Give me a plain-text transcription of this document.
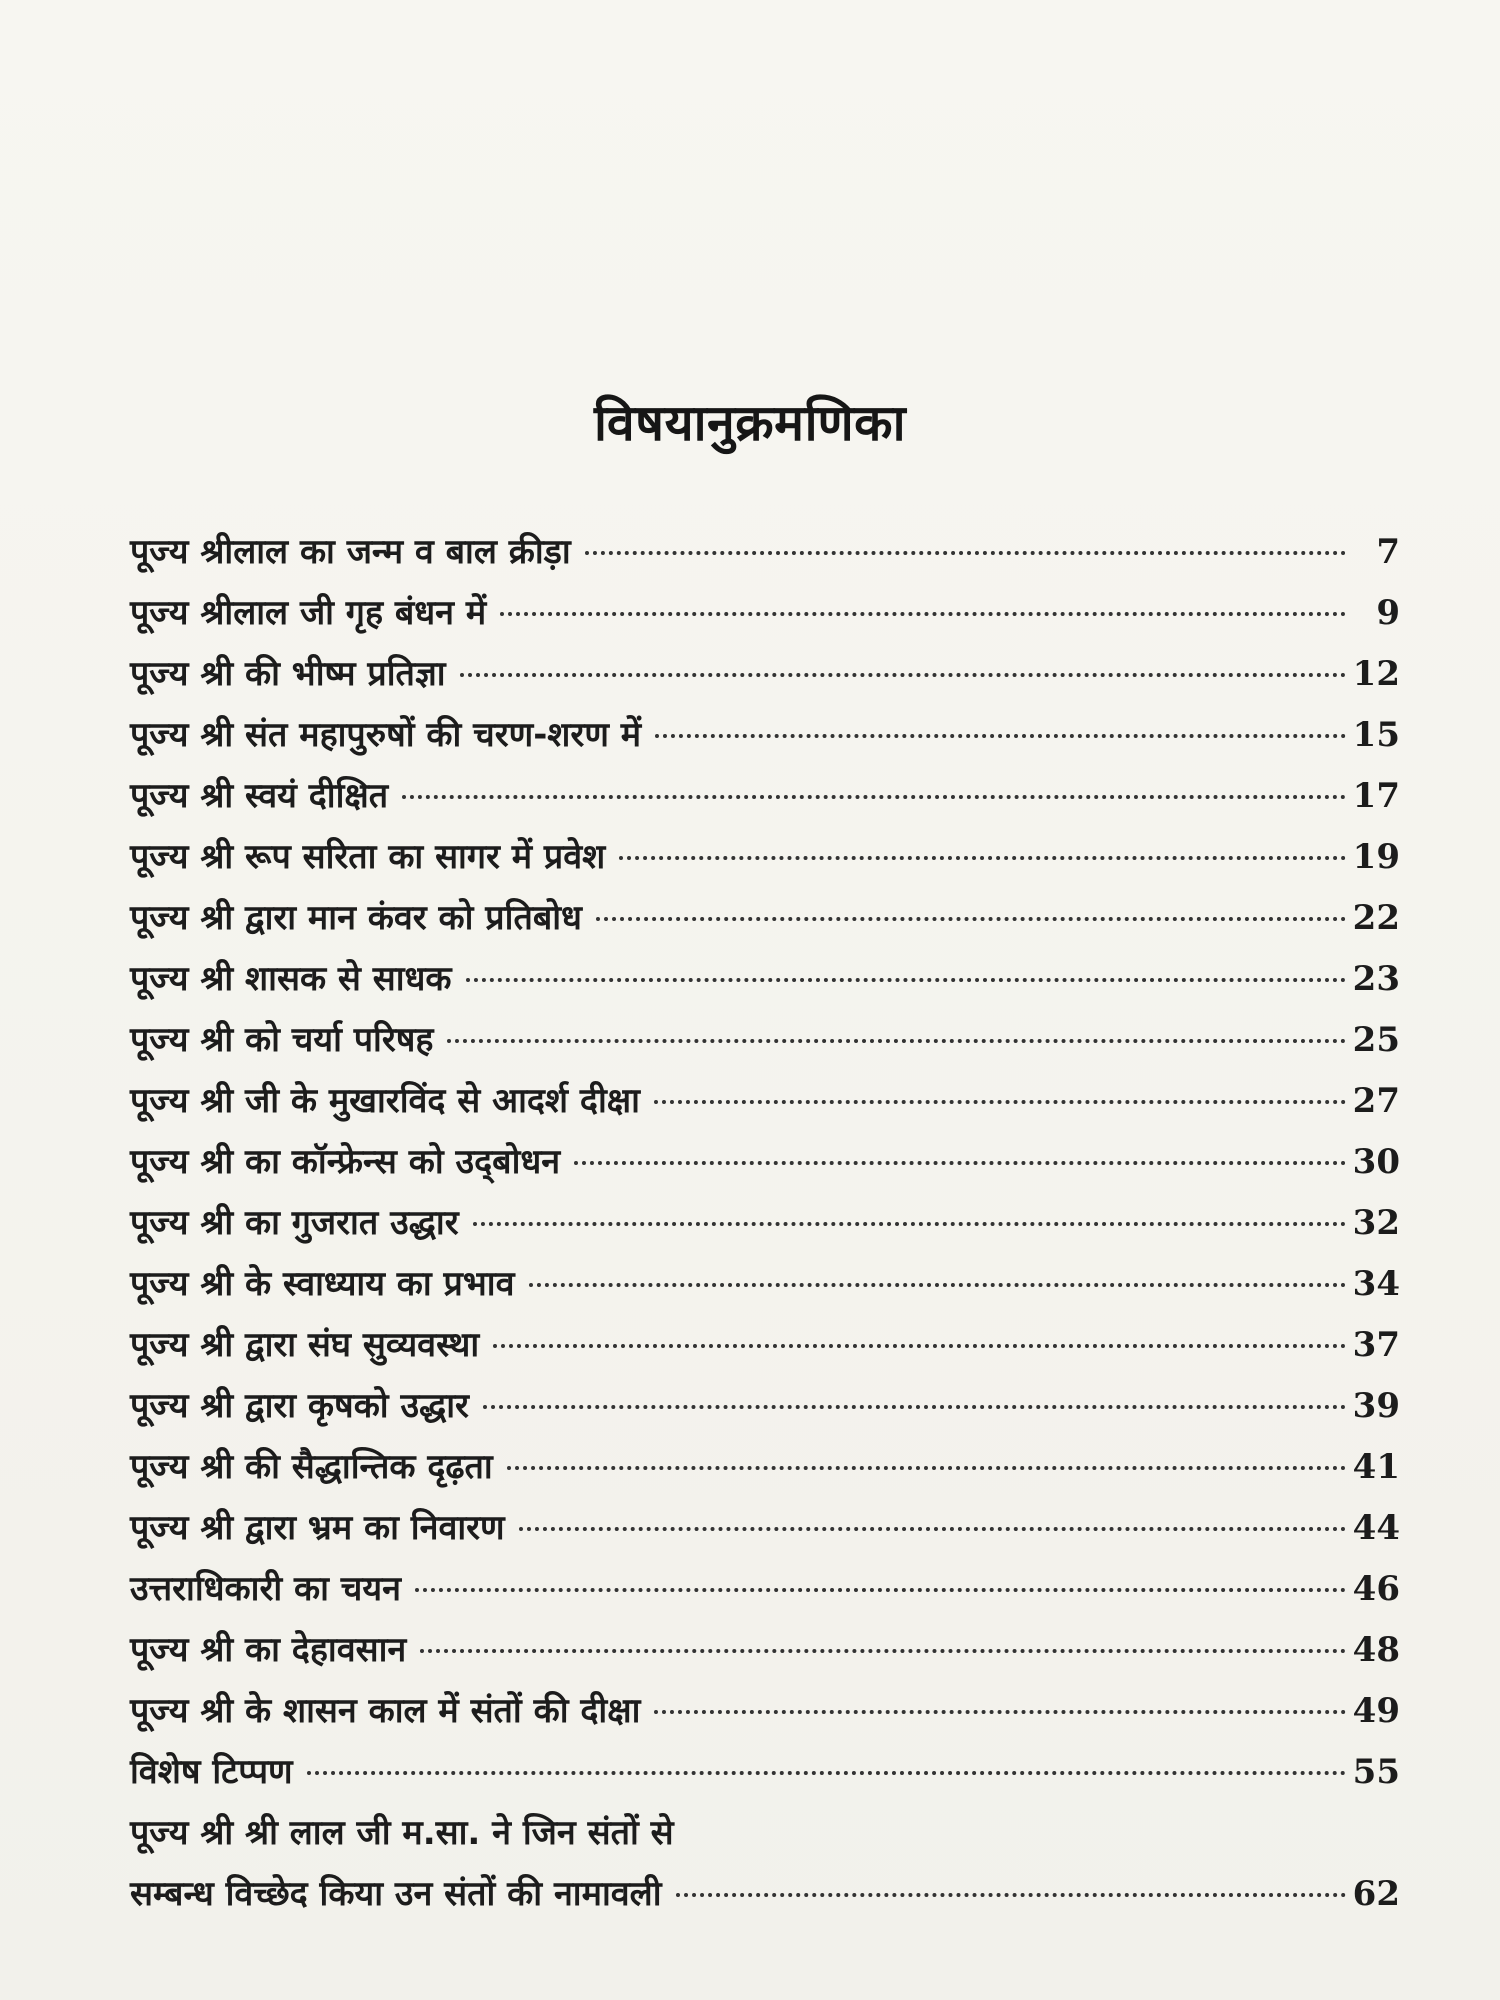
विषयानुक्रमणिका
पूज्य श्रीलाल का जन्म व बाल क्रीड़ा	7
पूज्य श्रीलाल जी गृह बंधन में	9
पूज्य श्री की भीष्म प्रतिज्ञा	12
पूज्य श्री संत महापुरुषों की चरण-शरण में	15
पूज्य श्री स्वयं दीक्षित	17
पूज्य श्री रूप सरिता का सागर में प्रवेश	19
पूज्य श्री द्वारा मान कंवर को प्रतिबोध	22
पूज्य श्री शासक से साधक	23
पूज्य श्री को चर्या परिषह	25
पूज्य श्री जी के मुखारविंद से आदर्श दीक्षा	27
पूज्य श्री का कॉन्फ्रेन्स को उद्‌बोधन	30
पूज्य श्री का गुजरात उद्धार	32
पूज्य श्री के स्वाध्याय का प्रभाव	34
पूज्य श्री द्वारा संघ सुव्यवस्था	37
पूज्य श्री द्वारा कृषको उद्धार	39
पूज्य श्री की सैद्धान्तिक दृढ़ता	41
पूज्य श्री द्वारा भ्रम का निवारण	44
उत्तराधिकारी का चयन	46
पूज्य श्री का देहावसान	48
पूज्य श्री के शासन काल में संतों की दीक्षा	49
विशेष टिप्पण	55
पूज्य श्री श्री लाल जी म.सा. ने जिन संतों से
सम्बन्ध विच्छेद किया उन संतों की नामावली	62
